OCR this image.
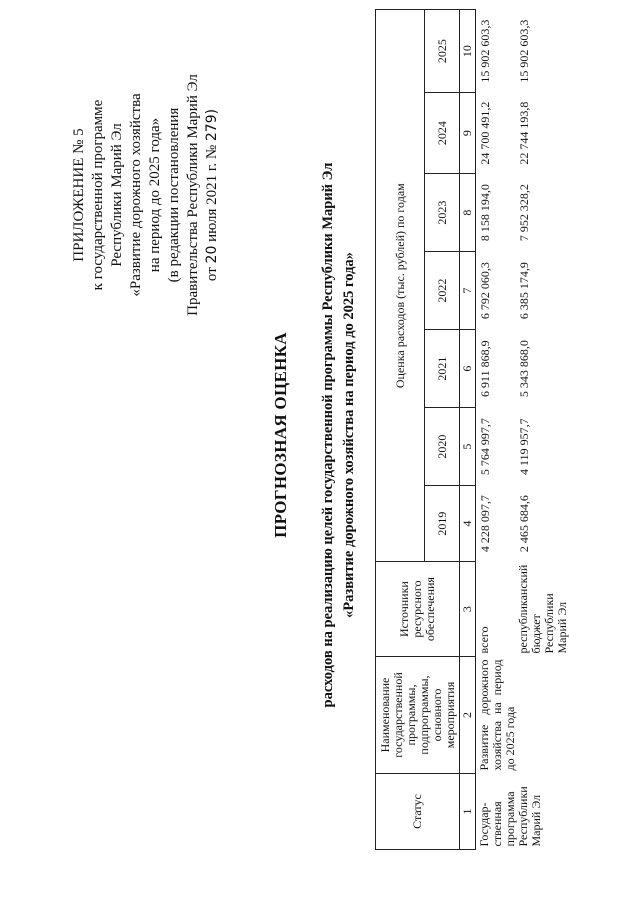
ПРИЛОЖЕНИЕ № 5 к государственной программе Республики Марий Эл «Развитие дорожного хозяйства на период до 2025 года» (в редакции постановления Правительства Республики Марий Эл от 20 июля 2021 г. № 279)
ПРОГНОЗНАЯ ОЦЕНКА расходов на реализацию целей государственной программы Республики Марий Эл «Развитие дорожного хозяйства на период до 2025 года»
Статус	Наименование государственной программы, подпрограммы, основного мероприятия	Источники ресурсного обеспечения	Оценка расходов (тыс. рублей) по годам						
			2019	2020	2021	2022	2023	2024	2025
1	2	3	4	5	6	7	8	9	10
Государ-ственная программа Республики Марий Эл	Развитие дорожного хозяйства на период до 2025 года	всего	4 228 097,7	5 764 997,7	6 911 868,9	6 792 060,3	8 158 194,0	24 700 491,2	15 902 603,3
		республиканский бюджет Республики Марий Эл	2 465 684,6	4 119 957,7	5 343 868,0	6 385 174,9	7 952 328,2	22 744 193,8	15 902 603,3
